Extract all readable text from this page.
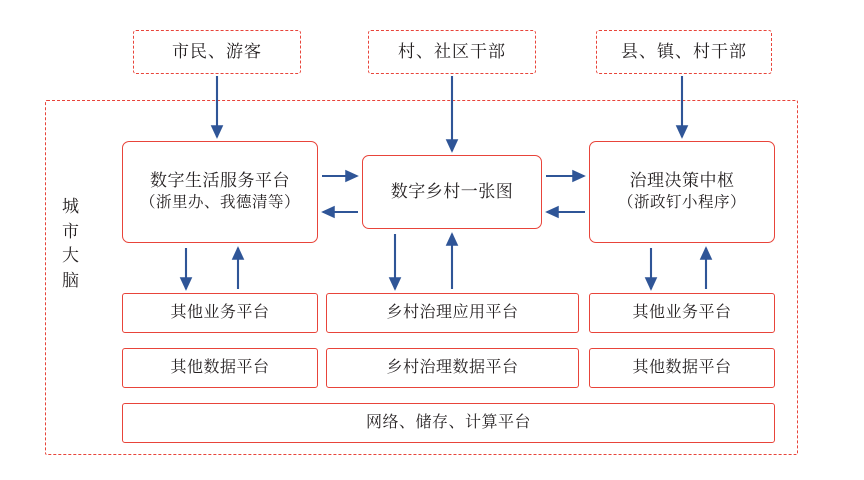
城
市
大
脑
市民、游客	村、社区干部	县、镇、村干部
数字生活服务平台
（浙里办、我德清等）
数字乡村一张图
治理决策中枢
（浙政钉小程序）
其他业务平台	乡村治理应用平台	其他业务平台
其他数据平台	乡村治理数据平台	其他数据平台
网络、储存、计算平台
